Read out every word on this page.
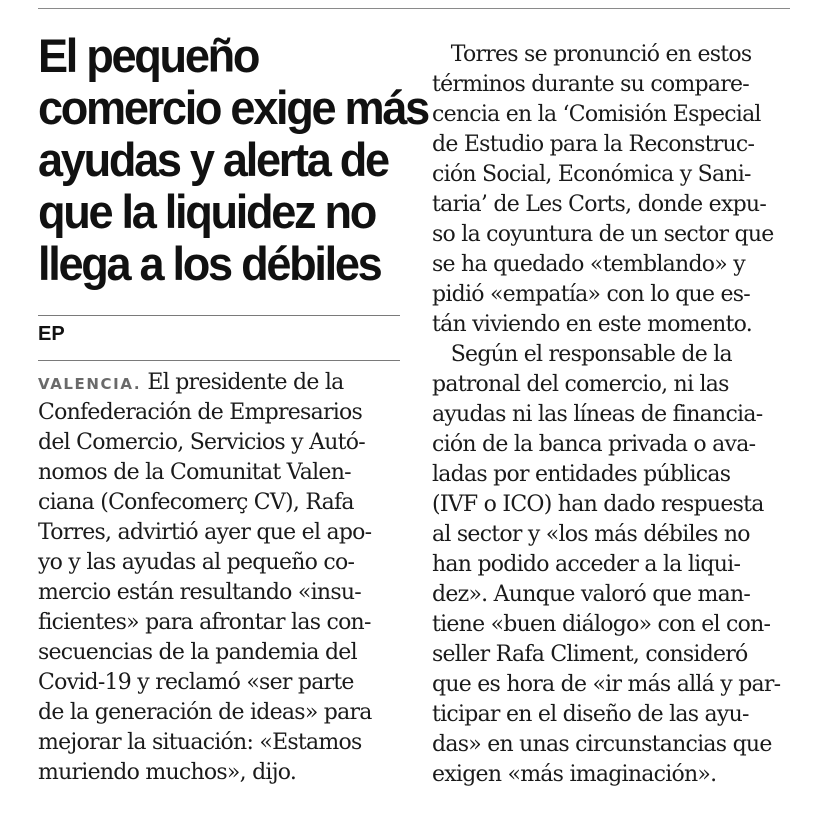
El pequeño
comercio exige más
ayudas y alerta de
que la liquidez no
llega a los débiles
EP
VALENCIA. El presidente de la
Confederación de Empresarios
del Comercio, Servicios y Autó-
nomos de la Comunitat Valen-
ciana (Confecomerç CV), Rafa
Torres, advirtió ayer que el apo-
yo y las ayudas al pequeño co-
mercio están resultando «insu-
ficientes» para afrontar las con-
secuencias de la pandemia del
Covid-19 y reclamó «ser parte
de la generación de ideas» para
mejorar la situación: «Estamos
muriendo muchos», dijo.
Torres se pronunció en estos
términos durante su compare-
cencia en la ‘Comisión Especial
de Estudio para la Reconstruc-
ción Social, Económica y Sani-
taria’ de Les Corts, donde expu-
so la coyuntura de un sector que
se ha quedado «temblando» y
pidió «empatía» con lo que es-
tán viviendo en este momento.
Según el responsable de la
patronal del comercio, ni las
ayudas ni las líneas de financia-
ción de la banca privada o ava-
ladas por entidades públicas
(IVF o ICO) han dado respuesta
al sector y «los más débiles no
han podido acceder a la liqui-
dez». Aunque valoró que man-
tiene «buen diálogo» con el con-
seller Rafa Climent, consideró
que es hora de «ir más allá y par-
ticipar en el diseño de las ayu-
das» en unas circunstancias que
exigen «más imaginación».
